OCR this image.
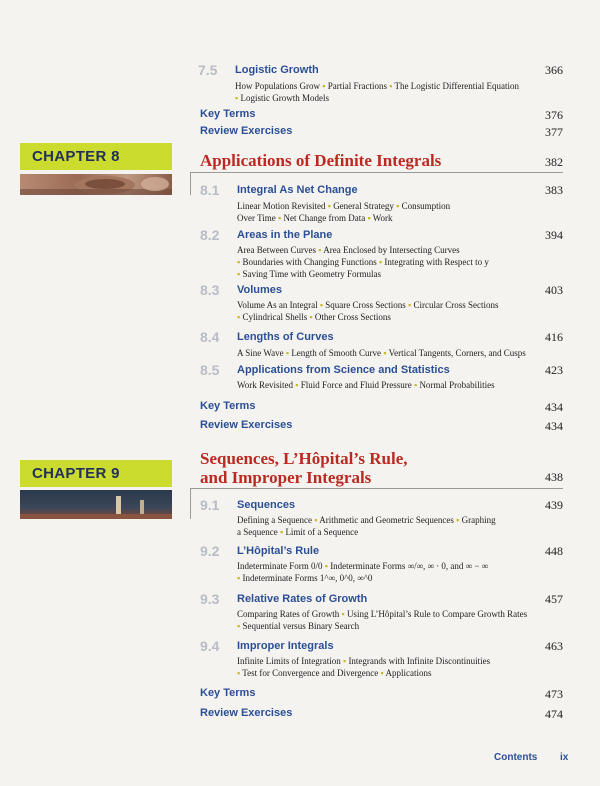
7.5 Logistic Growth	366
How Populations Grow ▪ Partial Fractions ▪ The Logistic Differential Equation
▪ Logistic Growth Models
Key Terms	376
Review Exercises	377
CHAPTER 8	Applications of Definite Integrals	382
8.1 Integral As Net Change	383
Linear Motion Revisited ▪ General Strategy ▪ Consumption
Over Time ▪ Net Change from Data ▪ Work
8.2 Areas in the Plane	394
Area Between Curves ▪ Area Enclosed by Intersecting Curves
▪ Boundaries with Changing Functions ▪ Integrating with Respect to y
▪ Saving Time with Geometry Formulas
8.3 Volumes	403
Volume As an Integral ▪ Square Cross Sections ▪ Circular Cross Sections
▪ Cylindrical Shells ▪ Other Cross Sections
8.4 Lengths of Curves	416
A Sine Wave ▪ Length of Smooth Curve ▪ Vertical Tangents, Corners, and Cusps
8.5 Applications from Science and Statistics	423
Work Revisited ▪ Fluid Force and Fluid Pressure ▪ Normal Probabilities
Key Terms	434
Review Exercises	434
CHAPTER 9
Sequences, L’Hôpital’s Rule,
and Improper Integrals	438
9.1 Sequences	439
Defining a Sequence ▪ Arithmetic and Geometric Sequences ▪ Graphing
a Sequence ▪ Limit of a Sequence
9.2 L’Hôpital’s Rule	448
Indeterminate Form 0/0 ▪ Indeterminate Forms ∞/∞, ∞ · 0, and ∞ − ∞
▪ Indeterminate Forms 1^∞, 0^0, ∞^0
9.3 Relative Rates of Growth	457
Comparing Rates of Growth ▪ Using L’Hôpital’s Rule to Compare Growth Rates
▪ Sequential versus Binary Search
9.4 Improper Integrals	463
Infinite Limits of Integration ▪ Integrands with Infinite Discontinuities
▪ Test for Convergence and Divergence ▪ Applications
Key Terms	473
Review Exercises	474
Contents ix
